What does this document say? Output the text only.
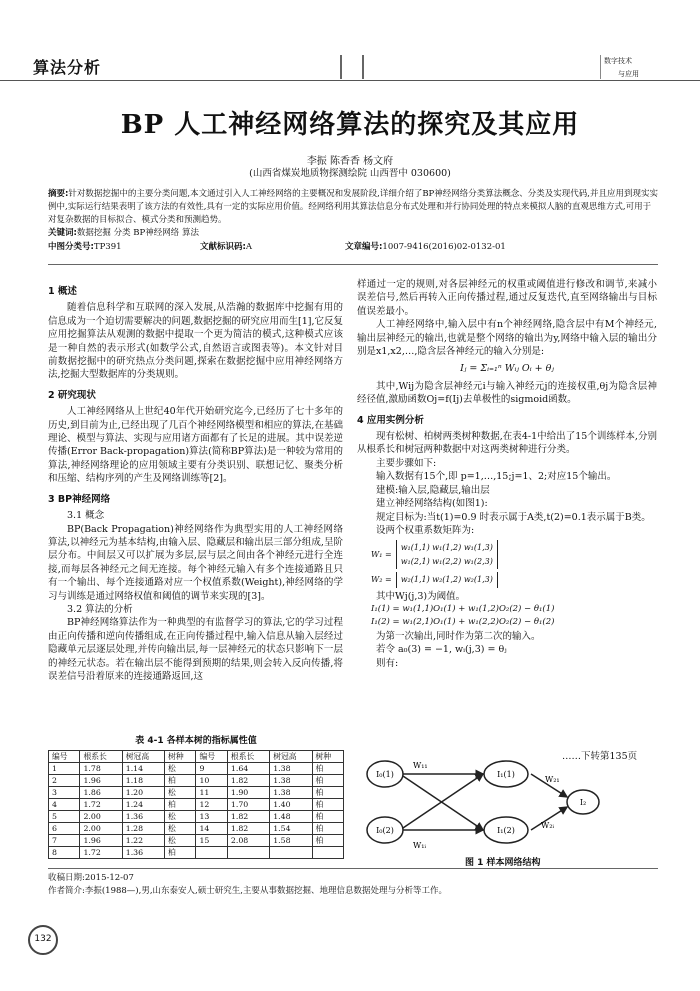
算法分析	数字技术
与应用
BP 人工神经网络算法的探究及其应用
李振 陈香香 杨文府
(山西省煤炭地质物探测绘院 山西晋中 030600)
摘要:针对数据挖掘中的主要分类问题,本文通过引入人工神经网络的主要概况和发展阶段,详细介绍了BP神经网络分类算法概念、分类及实现代码,并且应用到现实实例中,实际运行结果表明了该方法的有效性,具有一定的实际应用价值。经网络利用其算法信息分布式处理和并行协同处理的特点来模拟人脑的直观思维方式,可用于对复杂数据的目标拟合、模式分类和预测趋势。
关键词:数据挖掘 分类 BP神经网络 算法
中图分类号:TP391	文献标识码:A	文章编号:1007-9416(2016)02-0132-01
1 概述

随着信息科学和互联网的深入发展,从浩瀚的数据库中挖掘有用的信息成为一个迫切需要解决的问题,数据挖掘的研究应用而生[1],它反复应用挖掘算法从观测的数据中提取一个更为简洁的模式,这种模式应该是一种自然的表示形式(如数学公式,自然语言或图表等)。本文针对目前数据挖掘中的研究热点分类问题,探索在数据挖掘中应用神经网络方法,挖掘大型数据库的分类规则。

2 研究现状

人工神经网络从上世纪40年代开始研究迄今,已经历了七十多年的历史,到目前为止,已经出现了几百个神经网络模型和相应的算法,在基础理论、模型与算法、实现与应用诸方面都有了长足的进展。其中误差逆传播(Error Back-propagation)算法(简称BP算法)是一种较为常用的算法,神经网络理论的应用领域主要有分类识别、联想记忆、聚类分析和压缩、结构序列的产生及网络训练等[2]。

3 BP神经网络

3.1 概念

BP(Back Propagation)神经网络作为典型实用的人工神经网络算法,以神经元为基本结构,由输入层、隐藏层和输出层三部分组成,呈阶层分布。中间层又可以扩展为多层,层与层之间由各个神经元进行全连接,而每层各神经元之间无连接。每个神经元输入有多个连接通路且只有一个输出、每个连接通路对应一个权值系数(Weight),神经网络的学习与训练是通过网络权值和阈值的调节来实现的[3]。

3.2 算法的分析

BP神经网络算法作为一种典型的有监督学习的算法,它的学习过程由正向传播和逆向传播组成,在正向传播过程中,输入信息从输入层经过隐藏单元层逐层处理,并传向输出层,每一层神经元的状态只影响下一层的神经元状态。若在输出层不能得到预期的结果,则会转入反向传播,将误差信号沿着原来的连接通路返回,这

样通过一定的规则,对各层神经元的权重或阈值进行修改和调节,来减小误差信号,然后再转入正向传播过程,通过反复迭代,直至网络输出与目标值误差最小。

人工神经网络中,输入层中有n个神经网络,隐含层中有M个神经元,输出层神经元的输出,也就是整个网络的输出为y,网络中输入层的输出分别是x1,x2,…,隐含层各神经元的输入分别是:

Iⱼ = Σᵢ₌₁ⁿ Wᵢⱼ Oᵢ + θⱼ

其中,Wij为隐含层神经元i与输入神经元j的连接权重,θj为隐含层神经径值,激励函数Oj=f(Ij)去单极性的sigmoid函数。

4 应用实例分析

现有松树、柏树两类树种数据,在表4-1中给出了15个训练样本,分别从根系长和树冠两种数据中对这两类树种进行分类。

主要步骤如下:

输入数据有15个,即 p=1,…,15;j=1、2;对应15个输出。

建模:输入层,隐藏层,输出层

建立神经网络结构(如图1):

规定目标为:当t(1)=0.9 时表示属于A类,t(2)=0.1表示属于B类。

设两个权重系数矩阵为:

W₁ =
w₁(1,1) w₁(1,2) w₁(1,3)
w₁(2,1) w₁(2,2) w₁(2,3)
W₂ =	w₂(1,1) w₂(1,2) w₂(1,3)

其中Wj(j,3)为阈值。

I₁(1) = w₁(1,1)O₁(1) + w₁(1,2)O₂(2) − θ₁(1)
I₁(2) = w₁(2,1)O₁(1) + w₁(2,2)O₂(2) − θ₁(2)

为第一次输出,同时作为第二次的输入。

若令 a₀(3) = −1, wᵢ(j,3) = θⱼ

则有:

……下转第135页
表 4-1 各样本树的指标属性值
编号	根系长	树冠高	树种	编号	根系长	树冠高	树种
1	1.78	1.14	松	9	1.64	1.38	柏
2	1.96	1.18	柏	10	1.82	1.38	柏
3	1.86	1.20	松	11	1.90	1.38	柏
4	1.72	1.24	柏	12	1.70	1.40	柏
5	2.00	1.36	松	13	1.82	1.48	柏
6	2.00	1.28	松	14	1.82	1.54	柏
7	1.96	1.22	松	15	2.08	1.58	柏
8	1.72	1.36	柏				
I₀(1)
I₀(2)
I₁(1)
I₁(2)
I₂
W₁₁
W₁ᵢ
W₂₁
W₂ᵢ
图 1 样本网络结构
收稿日期:2015-12-07
作者简介:李振(1988—),男,山东泰安人,硕士研究生,主要从事数据挖掘、地理信息数据处理与分析等工作。
132
